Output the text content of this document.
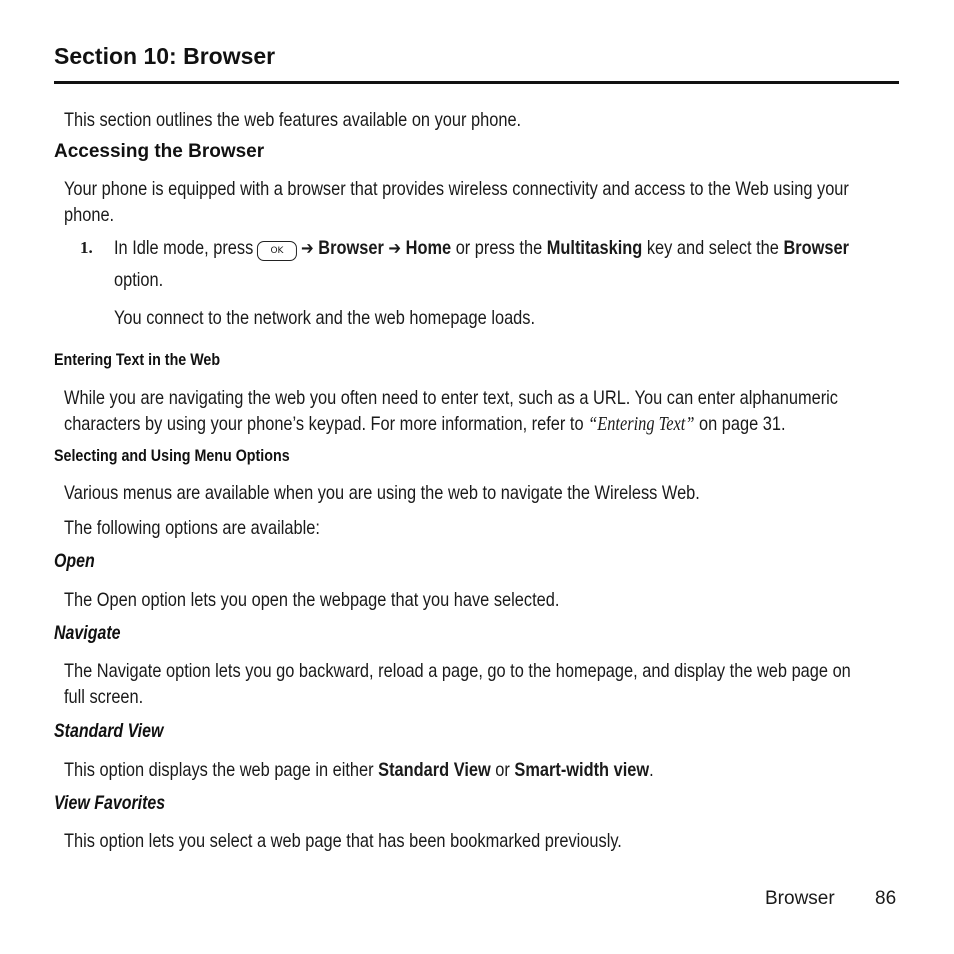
Section 10: Browser
This section outlines the web features available on your phone.
Accessing the Browser
Your phone is equipped with a browser that provides wireless connectivity and access to the Web using your
phone.
1. In Idle mode, press OK ➔ Browser ➔ Home or press the Multitasking key and select the Browser
option.
You connect to the network and the web homepage loads.
Entering Text in the Web
While you are navigating the web you often need to enter text, such as a URL. You can enter alphanumeric
characters by using your phone’s keypad. For more information, refer to “Entering Text” on page 31.
Selecting and Using Menu Options
Various menus are available when you are using the web to navigate the Wireless Web.
The following options are available:
Open
The Open option lets you open the webpage that you have selected.
Navigate
The Navigate option lets you go backward, reload a page, go to the homepage, and display the web page on
full screen.
Standard View
This option displays the web page in either Standard View or Smart-width view.
View Favorites
This option lets you select a web page that has been bookmarked previously.
Browser 86
